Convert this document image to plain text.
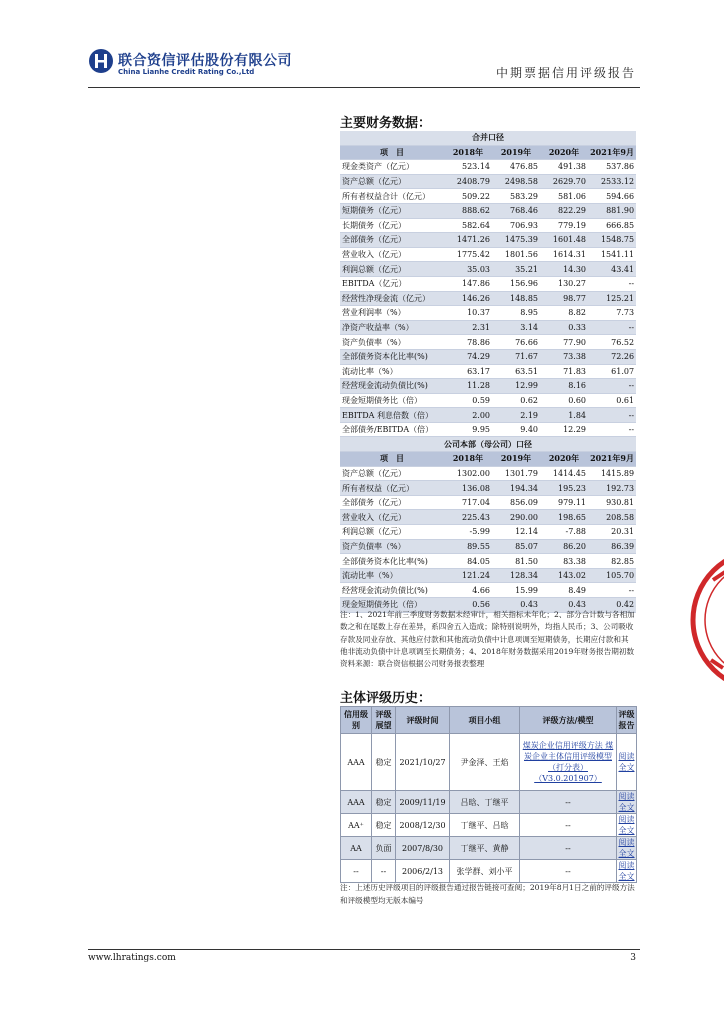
联合资信评估股份有限公司
China Lianhe Credit Rating Co.,Ltd	中期票据信用评级报告
主要财务数据：
合并口径				
项　目	2018年	2019年	2020年	2021年9月
现金类资产（亿元）	523.14	476.85	491.38	537.86
资产总额（亿元）	2408.79	2498.58	2629.70	2533.12
所有者权益合计（亿元）	509.22	583.29	581.06	594.66
短期债务（亿元）	888.62	768.46	822.29	881.90
长期债务（亿元）	582.64	706.93	779.19	666.85
全部债务（亿元）	1471.26	1475.39	1601.48	1548.75
营业收入（亿元）	1775.42	1801.56	1614.31	1541.11
利润总额（亿元）	35.03	35.21	14.30	43.41
EBITDA（亿元）	147.86	156.96	130.27	--
经营性净现金流（亿元）	146.26	148.85	98.77	125.21
营业利润率（%）	10.37	8.95	8.82	7.73
净资产收益率（%）	2.31	3.14	0.33	--
资产负债率（%）	78.86	76.66	77.90	76.52
全部债务资本化比率(%)	74.29	71.67	73.38	72.26
流动比率（%）	63.17	63.51	71.83	61.07
经营现金流动负债比(%)	11.28	12.99	8.16	--
现金短期债务比（倍）	0.59	0.62	0.60	0.61
EBITDA 利息倍数（倍）	2.00	2.19	1.84	--
全部债务/EBITDA（倍）	9.95	9.40	12.29	--
公司本部（母公司）口径				
项　目	2018年	2019年	2020年	2021年9月
资产总额（亿元）	1302.00	1301.79	1414.45	1415.89
所有者权益（亿元）	136.08	194.34	195.23	192.73
全部债务（亿元）	717.04	856.09	979.11	930.81
营业收入（亿元）	225.43	290.00	198.65	208.58
利润总额（亿元）	-5.99	12.14	-7.88	20.31
资产负债率（%）	89.55	85.07	86.20	86.39
全部债务资本化比率(%)	84.05	81.50	83.38	82.85
流动比率（%）	121.24	128.34	143.02	105.70
经营现金流动负债比(%)	4.66	15.99	8.49	--
现金短期债务比（倍）	0.56	0.43	0.43	0.42
注：1、2021年前三季度财务数据未经审计，相关指标未年化；2、部分合计数与各相加数之和在尾数上存在差异，系四舍五入造成；除特别说明外，均指人民币；3、公司吸收存款及同业存放、其他应付款和其他流动负债中计息项调至短期债务，长期应付款和其他非流动负债中计息项调至长期债务；4、2018年财务数据采用2019年财务报告期初数
资料来源：联合资信根据公司财务报表整理
主体评级历史：
信用级别	评级展望	评级时间	项目小组	评级方法/模型	评级报告
AAA	稳定	2021/10/27	尹金泽、王焰	煤炭企业信用评级方法 煤炭企业主体信用评级模型（打分表）（V3.0.201907）	阅读全文
AAA	稳定	2009/11/19	吕晗、丁继平	--	阅读全文
AA⁺	稳定	2008/12/30	丁继平、吕晗	--	阅读全文
AA	负面	2007/8/30	丁继平、黄静	--	阅读全文
--	--	2006/2/13	张学群、刘小平	--	阅读全文
注：上述历史评级项目的评级报告通过报告链接可查阅；2019年8月1日之前的评级方法和评级模型均无版本编号
www.lhratings.com	3
